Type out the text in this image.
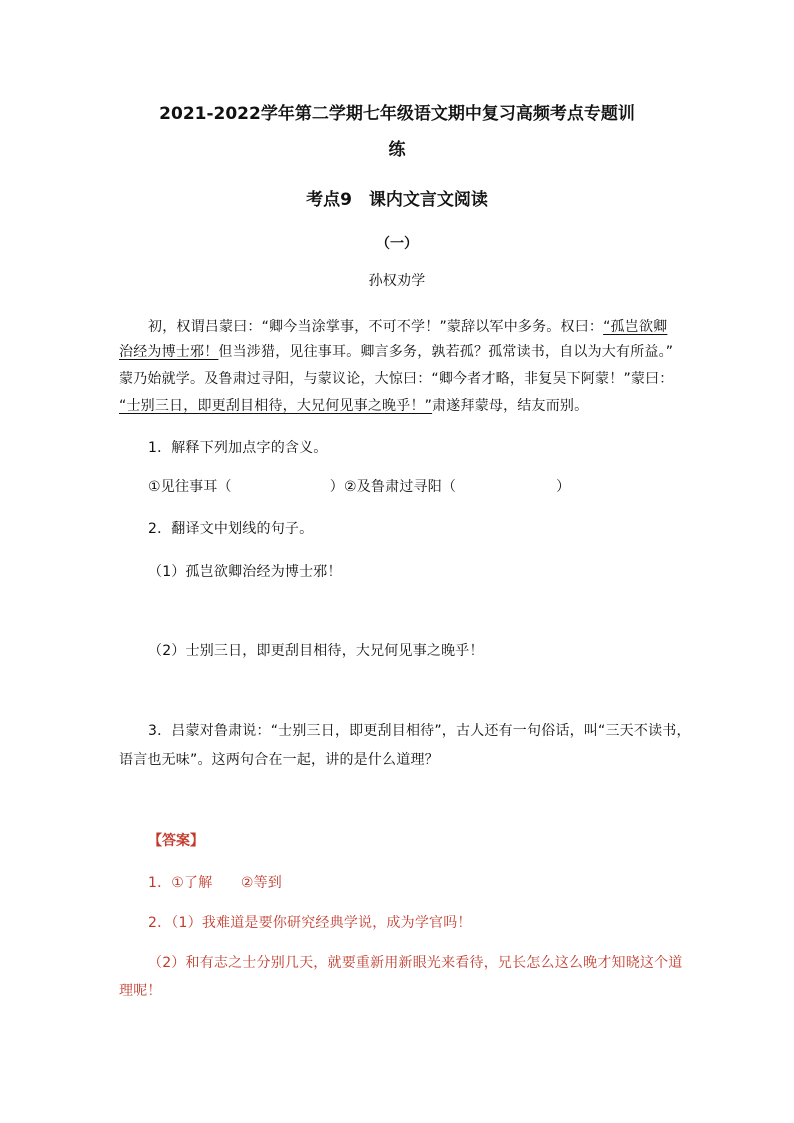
2021-2022学年第二学期七年级语文期中复习高频考点专题训
练
考点9　课内文言文阅读
（一）
孙权劝学
初，权谓吕蒙曰：“卿今当涂掌事，不可不学！”蒙辞以军中多务。权曰：“孤岂欲卿
治经为博士邪！但当涉猎，见往事耳。卿言多务，孰若孤？孤常读书，自以为大有所益。”
蒙乃始就学。及鲁肃过寻阳，与蒙议论，大惊曰：“卿今者才略，非复吴下阿蒙！”蒙曰：
“士别三日，即更刮目相待，大兄何见事之晚乎！”肃遂拜蒙母，结友而别。
1．解释下列加点字的含义。
①见往事耳（	）②及鲁肃过寻阳（	）
2．翻译文中划线的句子。
（1）孤岂欲卿治经为博士邪！
（2）士别三日，即更刮目相待，大兄何见事之晚乎！
3．吕蒙对鲁肃说：“士别三日，即更刮目相待”，古人还有一句俗话，叫“三天不读书，
语言也无味”。这两句合在一起，讲的是什么道理？
【答案】
1．①了解　　②等到
2．（1）我难道是要你研究经典学说，成为学官吗！
（2）和有志之士分别几天，就要重新用新眼光来看待，兄长怎么这么晚才知晓这个道
理呢！
